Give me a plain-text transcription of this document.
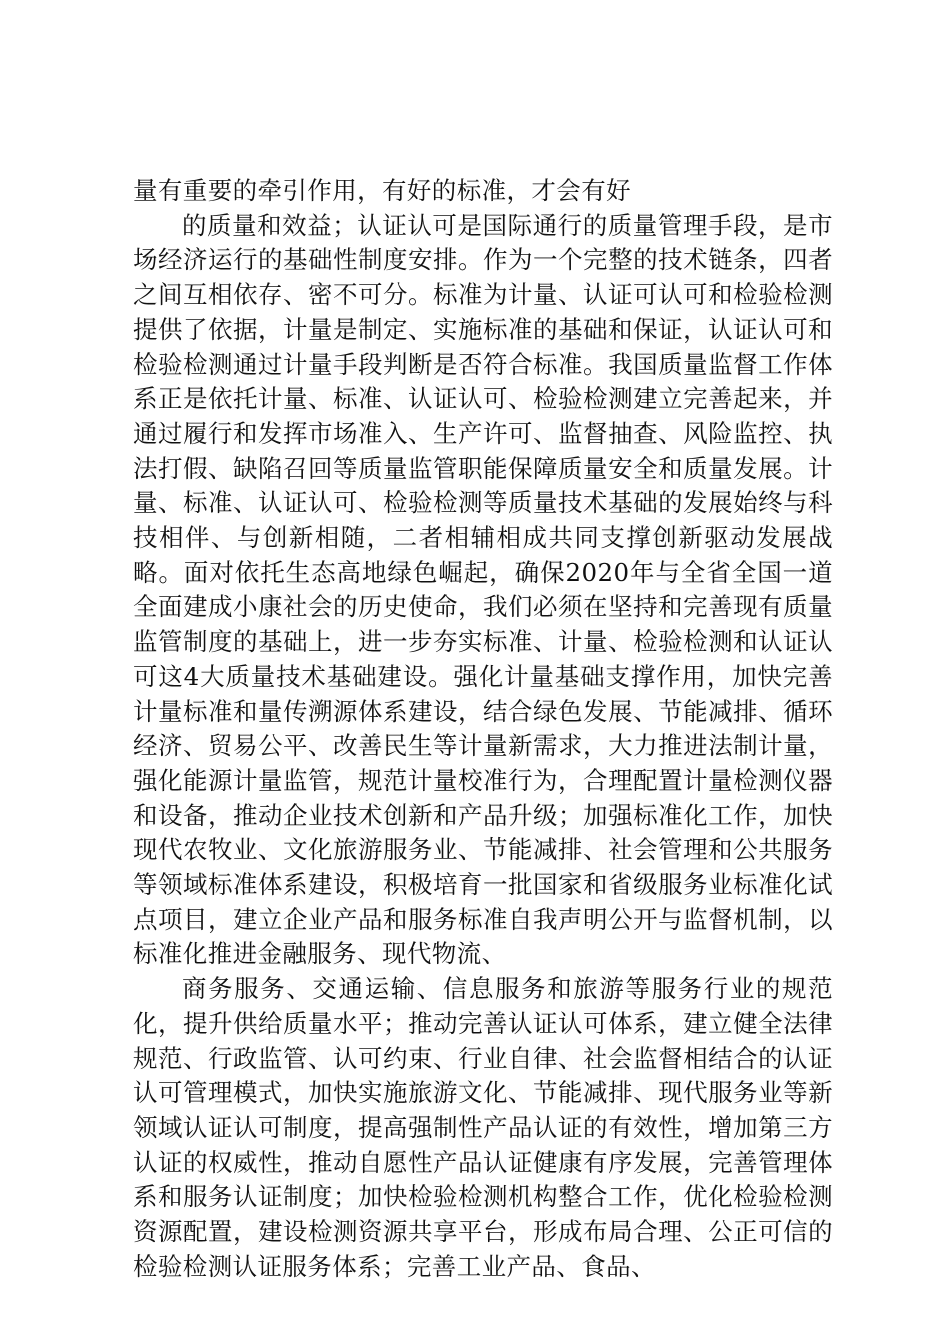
量有重要的牵引作用，有好的标准，才会有好

的质量和效益；认证认可是国际通行的质量管理手段，是市场经济运行的基础性制度安排。作为一个完整的技术链条，四者之间互相依存、密不可分。标准为计量、认证可认可和检验检测提供了依据，计量是制定、实施标准的基础和保证，认证认可和检验检测通过计量手段判断是否符合标准。我国质量监督工作体系正是依托计量、标准、认证认可、检验检测建立完善起来，并通过履行和发挥市场准入、生产许可、监督抽查、风险监控、执法打假、缺陷召回等质量监管职能保障质量安全和质量发展。计量、标准、认证认可、检验检测等质量技术基础的发展始终与科技相伴、与创新相随，二者相辅相成共同支撑创新驱动发展战略。面对依托生态高地绿色崛起，确保2020年与全省全国一道全面建成小康社会的历史使命，我们必须在坚持和完善现有质量监管制度的基础上，进一步夯实标准、计量、检验检测和认证认可这4大质量技术基础建设。强化计量基础支撑作用，加快完善计量标准和量传溯源体系建设，结合绿色发展、节能减排、循环经济、贸易公平、改善民生等计量新需求，大力推进法制计量，强化能源计量监管，规范计量校准行为，合理配置计量检测仪器和设备，推动企业技术创新和产品升级；加强标准化工作，加快现代农牧业、文化旅游服务业、节能减排、社会管理和公共服务等领域标准体系建设，积极培育一批国家和省级服务业标准化试点项目，建立企业产品和服务标准自我声明公开与监督机制，以标准化推进金融服务、现代物流、

商务服务、交通运输、信息服务和旅游等服务行业的规范化，提升供给质量水平；推动完善认证认可体系，建立健全法律规范、行政监管、认可约束、行业自律、社会监督相结合的认证认可管理模式，加快实施旅游文化、节能减排、现代服务业等新领域认证认可制度，提高强制性产品认证的有效性，增加第三方认证的权威性，推动自愿性产品认证健康有序发展，完善管理体系和服务认证制度；加快检验检测机构整合工作，优化检验检测资源配置，建设检测资源共享平台，形成布局合理、公正可信的检验检测认证服务体系；完善工业产品、食品、
